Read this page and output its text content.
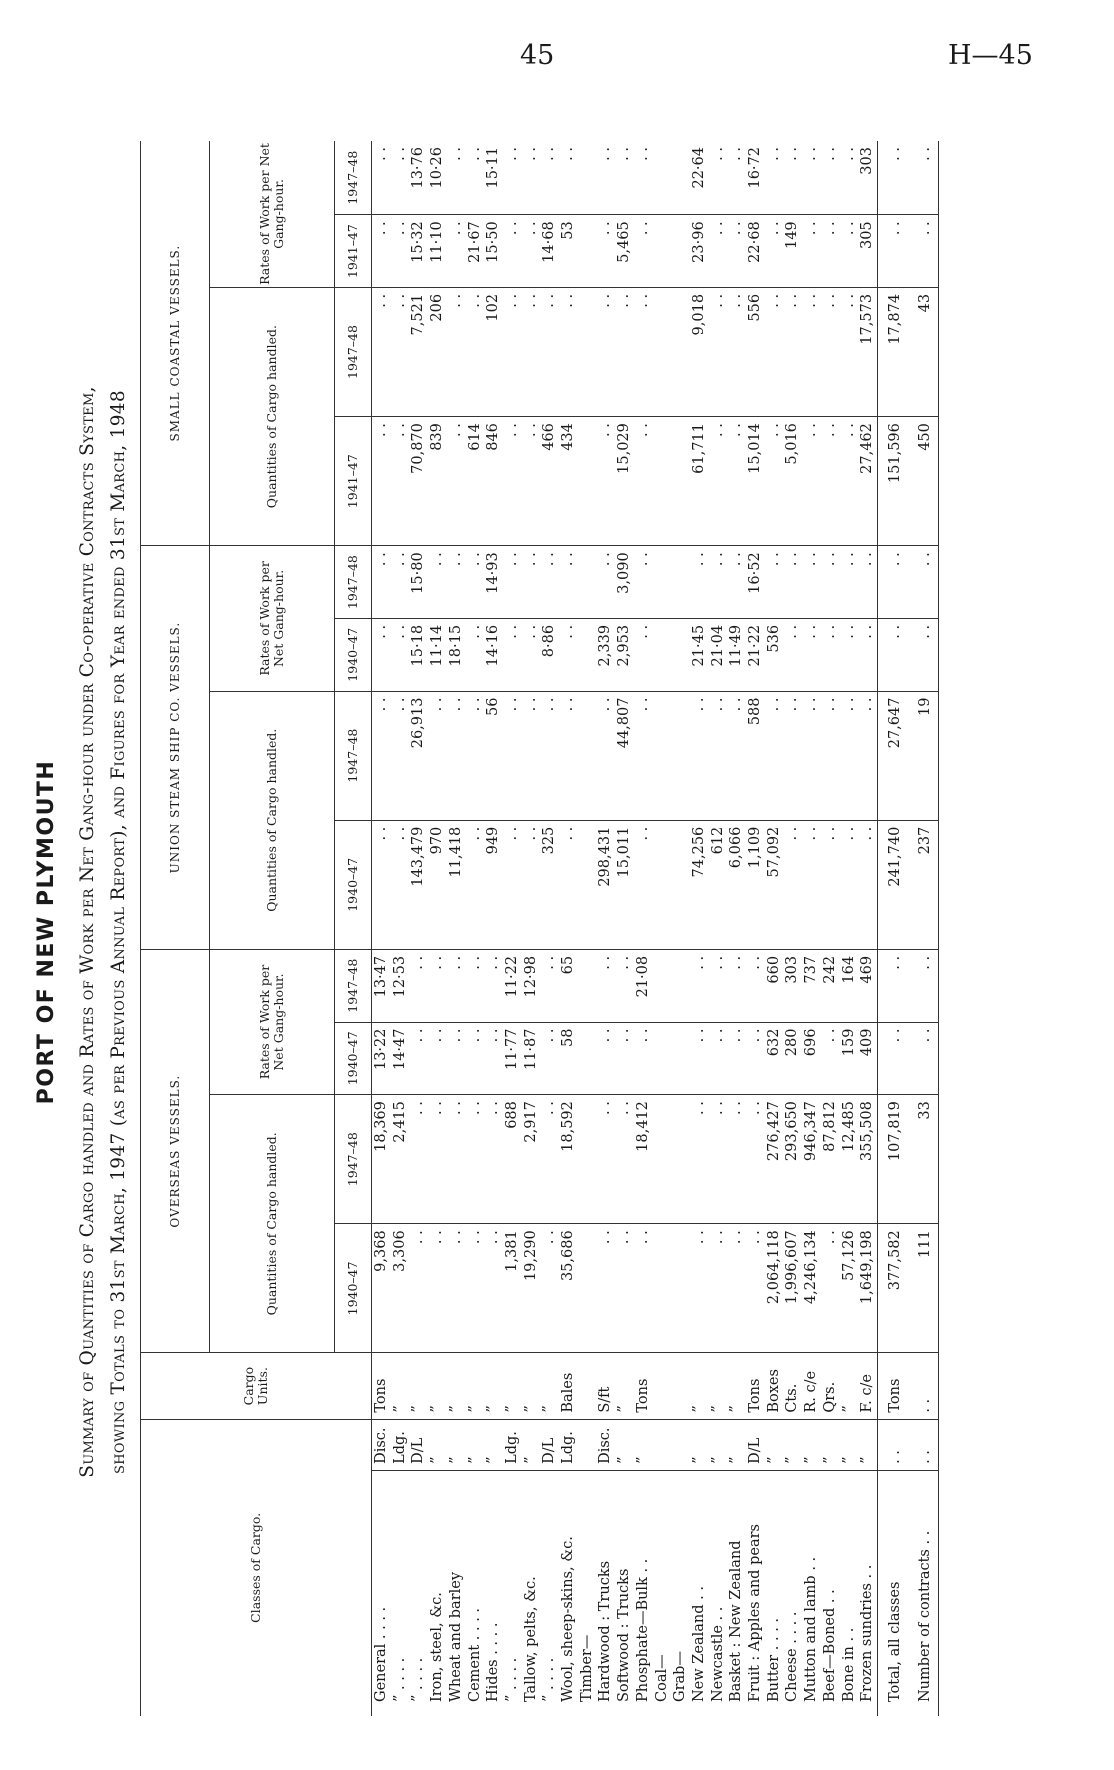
45	H—45
PORT OF NEW PLYMOUTH Summary of Quantities of Cargo handled and Rates of Work per Net Gang-hour under Co-operative Contracts System, showing Totals to 31st March, 1947 (as per Previous Annual Report), and Figures for Year ended 31st March, 1948
Classes of Cargo.		Cargo Units.	OVERSEAS VESSELS.				UNION STEAM SHIP CO. VESSELS.				SMALL COASTAL VESSELS.			
			Quantities of Cargo handled.		Rates of Work per Net Gang-hour.		Quantities of Cargo handled.		Rates of Work per Net Gang-hour.		Quantities of Cargo handled.		Rates of Work per Net Gang-hour.	
			1940–47	1947–48	1940–47	1947–48	1940–47	1947–48	1940–47	1947–48	1941–47	1947–48	1941–47	1947–48
General . . . .	Disc.	Tons	9,368	18,369	13·22	13·47	. .	. .	. .	. .	. .	. .	. .	. .
” . . . .	Ldg.	”	3,306	2,415	14·47	12·53	. .	. .	. .	. .	. .	. .	. .	. .
” . . . .	D/L	”	. .	. .	. .	. .	143,479	26,913	15·18	15·80	70,870	7,521	15·32	13·76
Iron, steel, &c.	”	”	. .	. .	. .	. .	970	. .	11·14	. .	839	206	11·10	10·26
Wheat and barley	”	”	. .	. .	. .	. .	11,418	. .	18·15	. .	. .	. .	. .	. .
Cement . . . .	”	”	. .	. .	. .	. .	. .	. .	. .	. .	614	. .	21·67	. .
Hides . . . .	”	”	. .	. .	. .	. .	949	56	14·16	14·93	846	102	15·50	15·11
” . . . .	Ldg.	”	1,381	688	11·77	11·22	. .	. .	. .	. .	. .	. .	. .	. .
Tallow, pelts, &c.	”	”	19,290	2,917	11·87	12·98	. .	. .	. .	. .	. .	. .	. .	. .
” . . . .	D/L	”	. .	. .	. .	. .	325	. .	8·86	. .	466	. .	14·68	. .
Wool, sheep-skins, &c.	Ldg.	Bales	35,686	18,592	58	65	. .	. .	. .	. .	434	. .	53	. .
Timber—														
Hardwood : Trucks	Disc.	S/ft	. .	. .	. .	. .	298,431	. .	2,339	. .	. .	. .	. .	. .
Softwood : Trucks	”	”	. .	. .	. .	. .	15,011	44,807	2,953	3,090	15,029	. .	5,465	. .
Phosphate—Bulk . .	”	Tons	. .	18,412	. .	21·08	. .	. .	. .	. .	. .	. .	. .	. .
Coal—														
Grab—														
New Zealand . .	”	”	. .	. .	. .	. .	74,256	. .	21·45	. .	61,711	9,018	23·96	22·64
Newcastle . .	”	”	. .	. .	. .	. .	612	. .	21·04	. .	. .	. .	. .	. .
Basket : New Zealand	”	”	. .	. .	. .	. .	6,066	. .	11·49	. .	. .	. .	. .	. .
Fruit : Apples and pears	D/L	Tons	. .	. .	. .	. .	1,109	588	21·22	16·52	15,014	556	22·68	16·72
Butter . . . .	”	Boxes	2,064,118	276,427	632	660	57,092	. .	536	. .	. .	. .	. .	. .
Cheese . . . .	”	Cts.	1,996,607	293,650	280	303	. .	. .	. .	. .	5,016	. .	149	. .
Mutton and lamb . .	”	R. c/e	4,246,134	946,347	696	737	. .	. .	. .	. .	. .	. .	. .	. .
Beef—Boned . .	”	Qrs.	. .	87,812	. .	242	. .	. .	. .	. .	. .	. .	. .	. .
Bone in . .	”	”	57,126	12,485	159	164	. .	. .	. .	. .	. .	. .	. .	. .
Frozen sundries . .	”	F. c/e	1,649,198	355,508	409	469	. .	. .	. .	. .	27,462	17,573	305	303
Total, all classes	. .	Tons	377,582	107,819	. .	. .	241,740	27,647	. .	. .	151,596	17,874	. .	. .
Number of contracts . .	. .	. .	111	33	. .	. .	237	19	. .	. .	450	43	. .	. .
